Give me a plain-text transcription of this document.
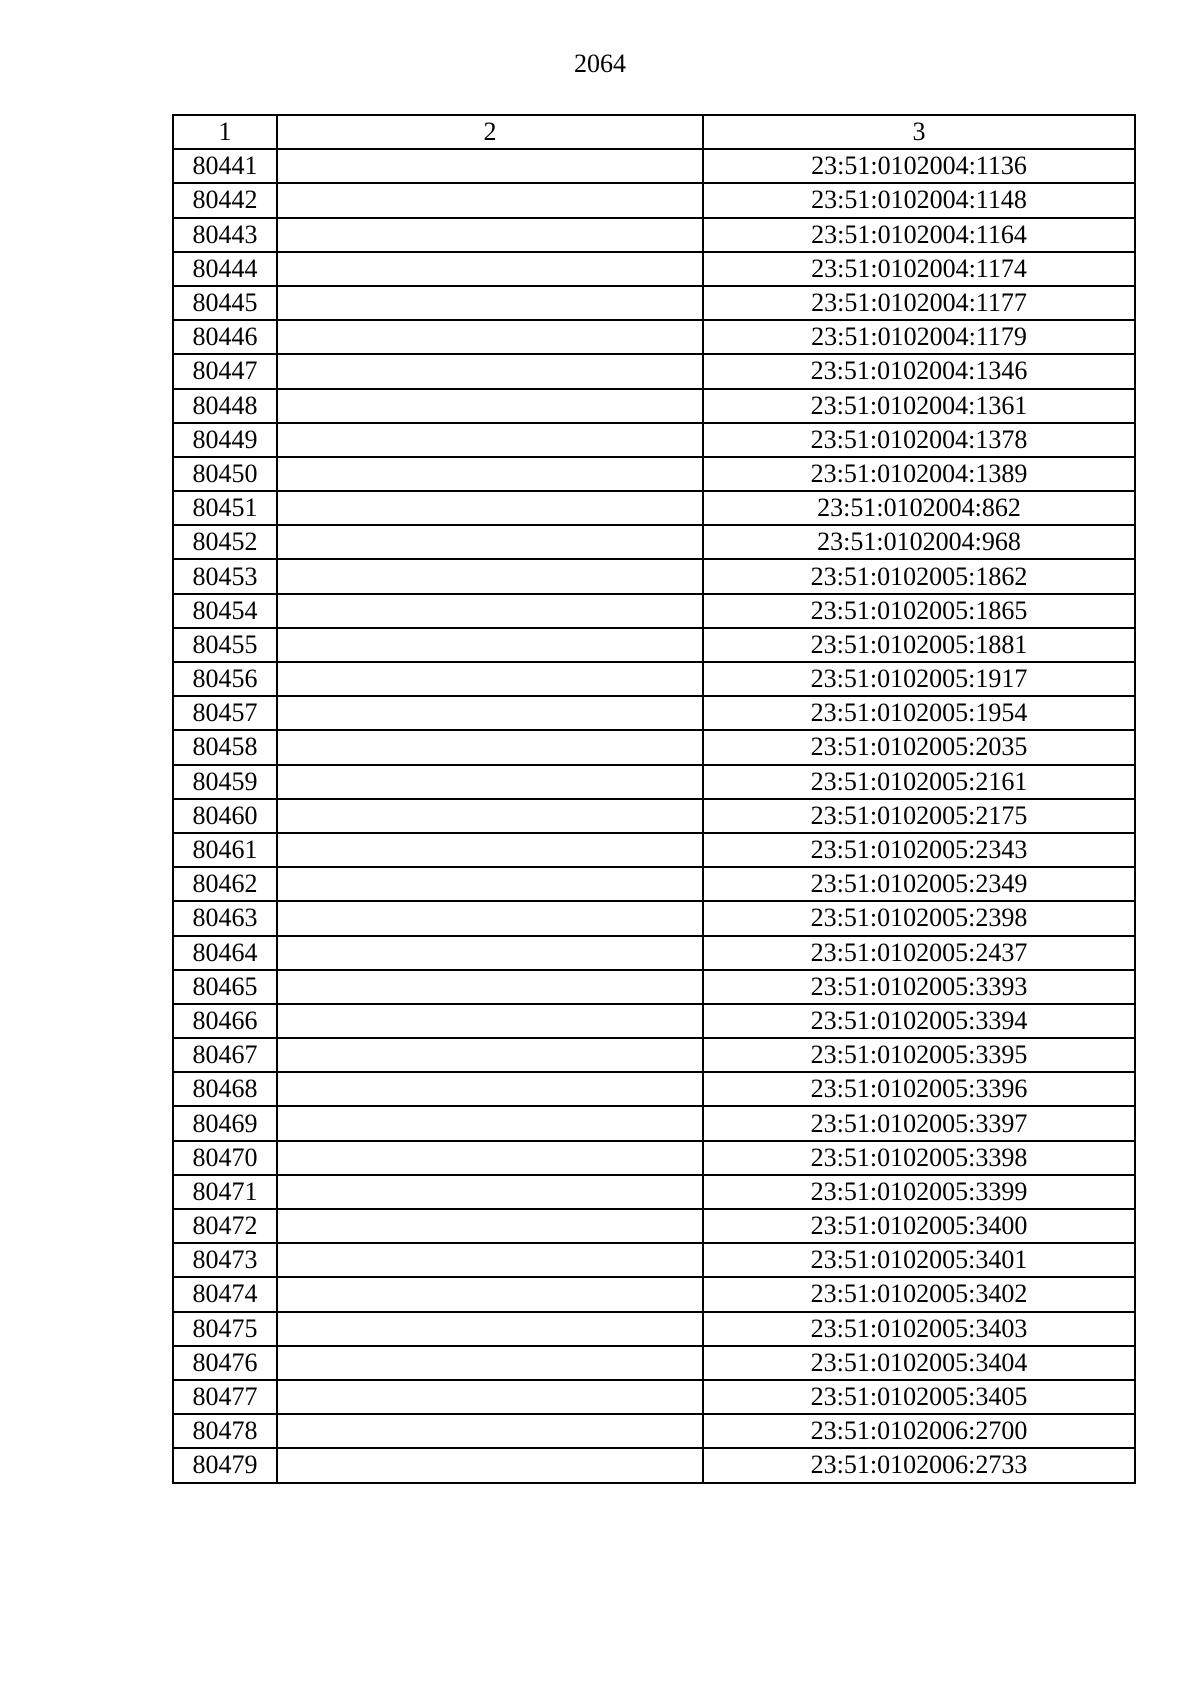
2064
1	2	3
80441		23:51:0102004:1136
80442		23:51:0102004:1148
80443		23:51:0102004:1164
80444		23:51:0102004:1174
80445		23:51:0102004:1177
80446		23:51:0102004:1179
80447		23:51:0102004:1346
80448		23:51:0102004:1361
80449		23:51:0102004:1378
80450		23:51:0102004:1389
80451		23:51:0102004:862
80452		23:51:0102004:968
80453		23:51:0102005:1862
80454		23:51:0102005:1865
80455		23:51:0102005:1881
80456		23:51:0102005:1917
80457		23:51:0102005:1954
80458		23:51:0102005:2035
80459		23:51:0102005:2161
80460		23:51:0102005:2175
80461		23:51:0102005:2343
80462		23:51:0102005:2349
80463		23:51:0102005:2398
80464		23:51:0102005:2437
80465		23:51:0102005:3393
80466		23:51:0102005:3394
80467		23:51:0102005:3395
80468		23:51:0102005:3396
80469		23:51:0102005:3397
80470		23:51:0102005:3398
80471		23:51:0102005:3399
80472		23:51:0102005:3400
80473		23:51:0102005:3401
80474		23:51:0102005:3402
80475		23:51:0102005:3403
80476		23:51:0102005:3404
80477		23:51:0102005:3405
80478		23:51:0102006:2700
80479		23:51:0102006:2733
